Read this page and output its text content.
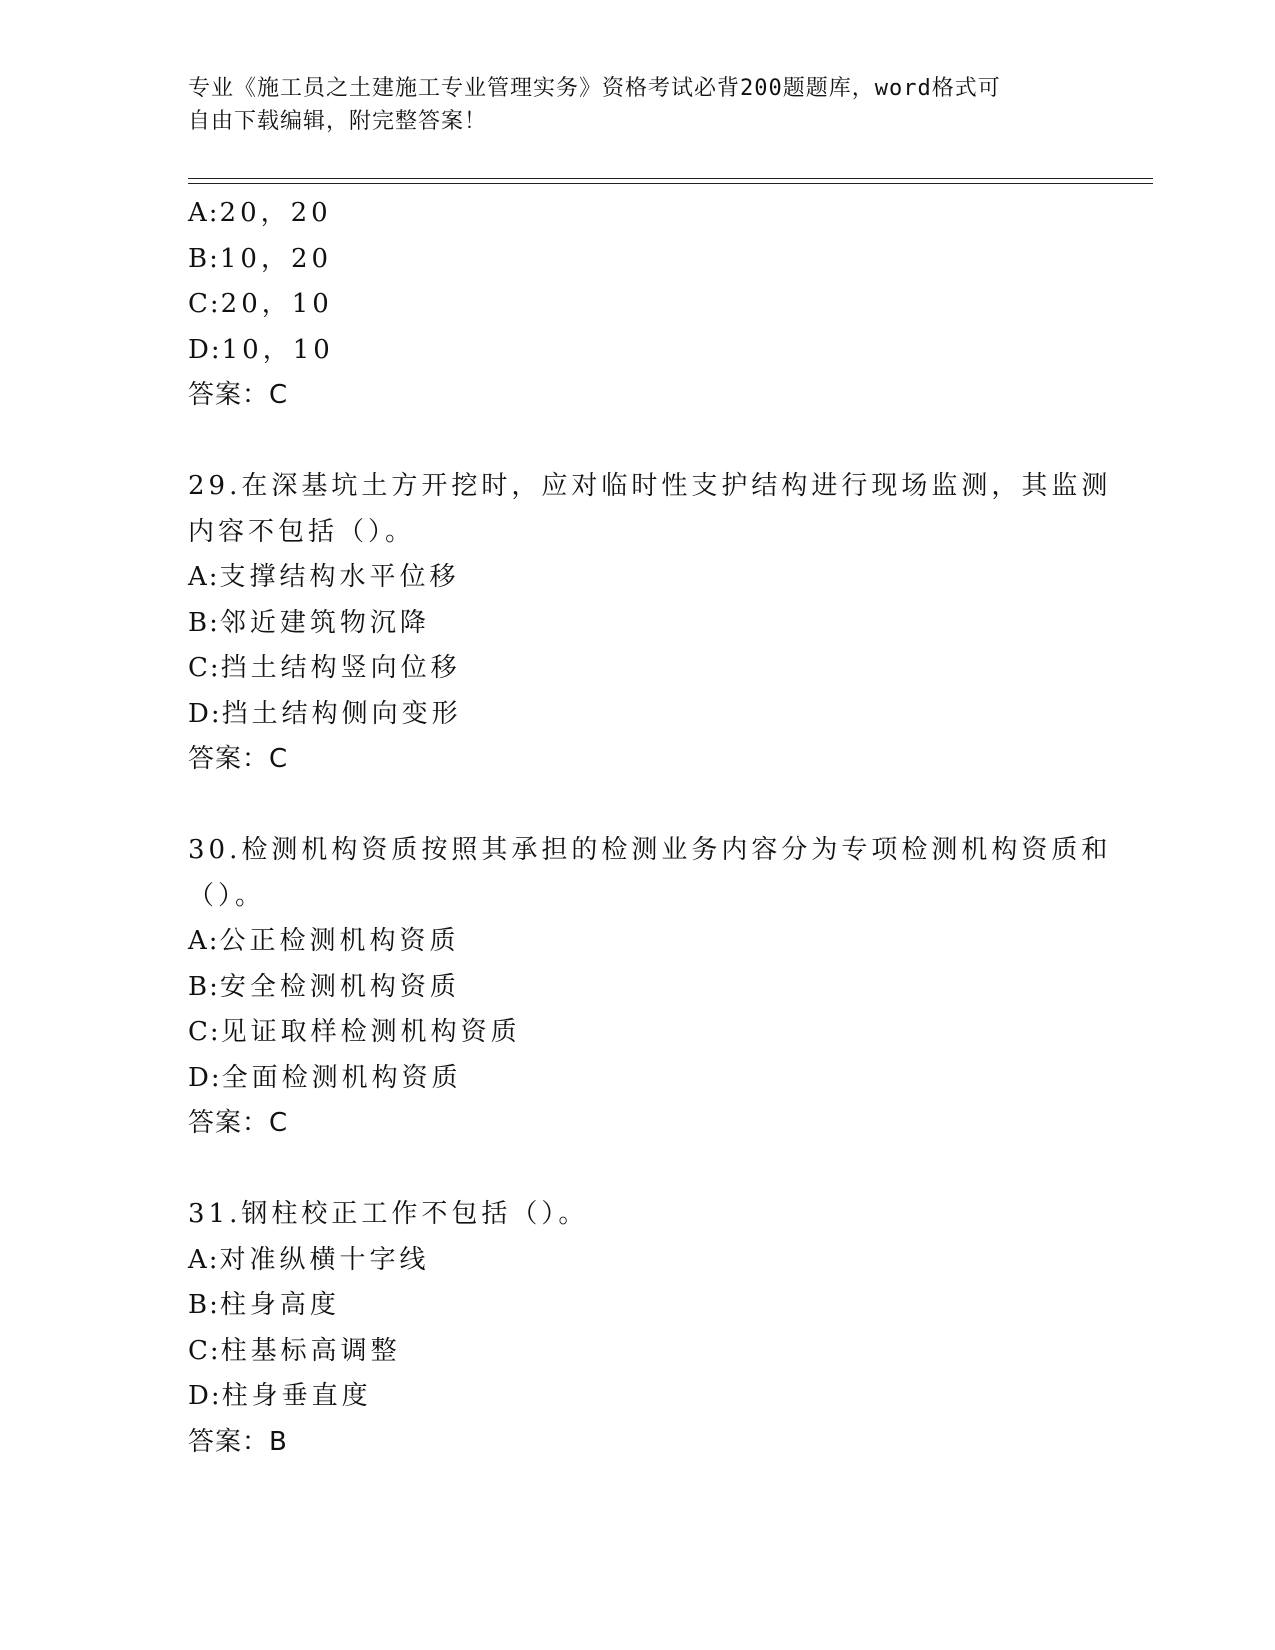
专业《施工员之土建施工专业管理实务》资格考试必背200题题库，word格式可
自由下载编辑，附完整答案！
A:20，20
B:10，20
C:20，10
D:10，10
答案：C
29.在深基坑土方开挖时，应对临时性支护结构进行现场监测，其监测
内容不包括（）。
A:支撑结构水平位移
B:邻近建筑物沉降
C:挡土结构竖向位移
D:挡土结构侧向变形
答案：C
30.检测机构资质按照其承担的检测业务内容分为专项检测机构资质和
（）。
A:公正检测机构资质
B:安全检测机构资质
C:见证取样检测机构资质
D:全面检测机构资质
答案：C
31.钢柱校正工作不包括（）。
A:对准纵横十字线
B:柱身高度
C:柱基标高调整
D:柱身垂直度
答案：B
